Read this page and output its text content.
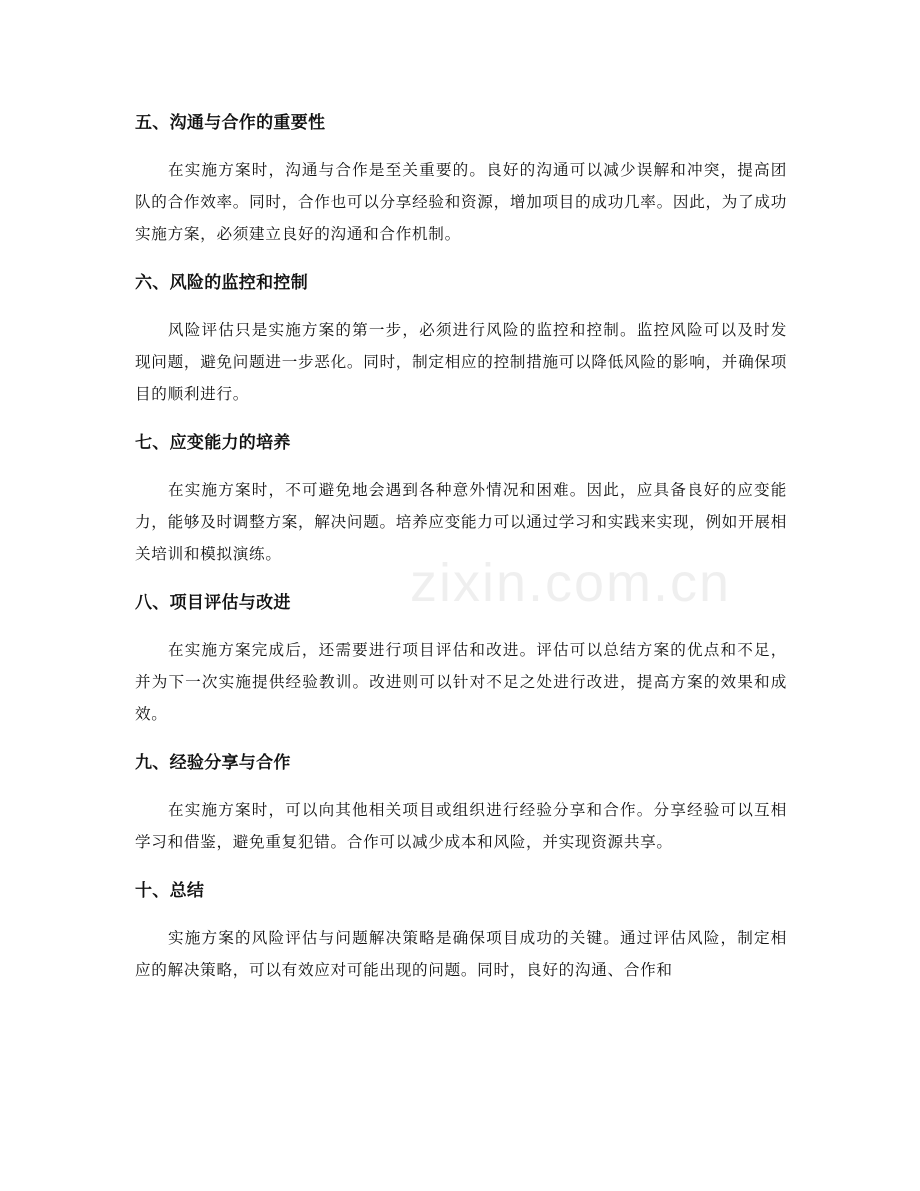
五、沟通与合作的重要性

在实施方案时，沟通与合作是至关重要的。良好的沟通可以减少误解和冲突，提高团队的合作效率。同时，合作也可以分享经验和资源，增加项目的成功几率。因此，为了成功实施方案，必须建立良好的沟通和合作机制。

六、风险的监控和控制

风险评估只是实施方案的第一步，必须进行风险的监控和控制。监控风险可以及时发现问题，避免问题进一步恶化。同时，制定相应的控制措施可以降低风险的影响，并确保项目的顺利进行。

七、应变能力的培养

在实施方案时，不可避免地会遇到各种意外情况和困难。因此，应具备良好的应变能力，能够及时调整方案，解决问题。培养应变能力可以通过学习和实践来实现，例如开展相关培训和模拟演练。

八、项目评估与改进

在实施方案完成后，还需要进行项目评估和改进。评估可以总结方案的优点和不足，并为下一次实施提供经验教训。改进则可以针对不足之处进行改进，提高方案的效果和成效。

九、经验分享与合作

在实施方案时，可以向其他相关项目或组织进行经验分享和合作。分享经验可以互相学习和借鉴，避免重复犯错。合作可以减少成本和风险，并实现资源共享。

十、总结

实施方案的风险评估与问题解决策略是确保项目成功的关键。通过评估风险，制定相应的解决策略，可以有效应对可能出现的问题。同时，良好的沟通、合作和

zixin.com.cn
